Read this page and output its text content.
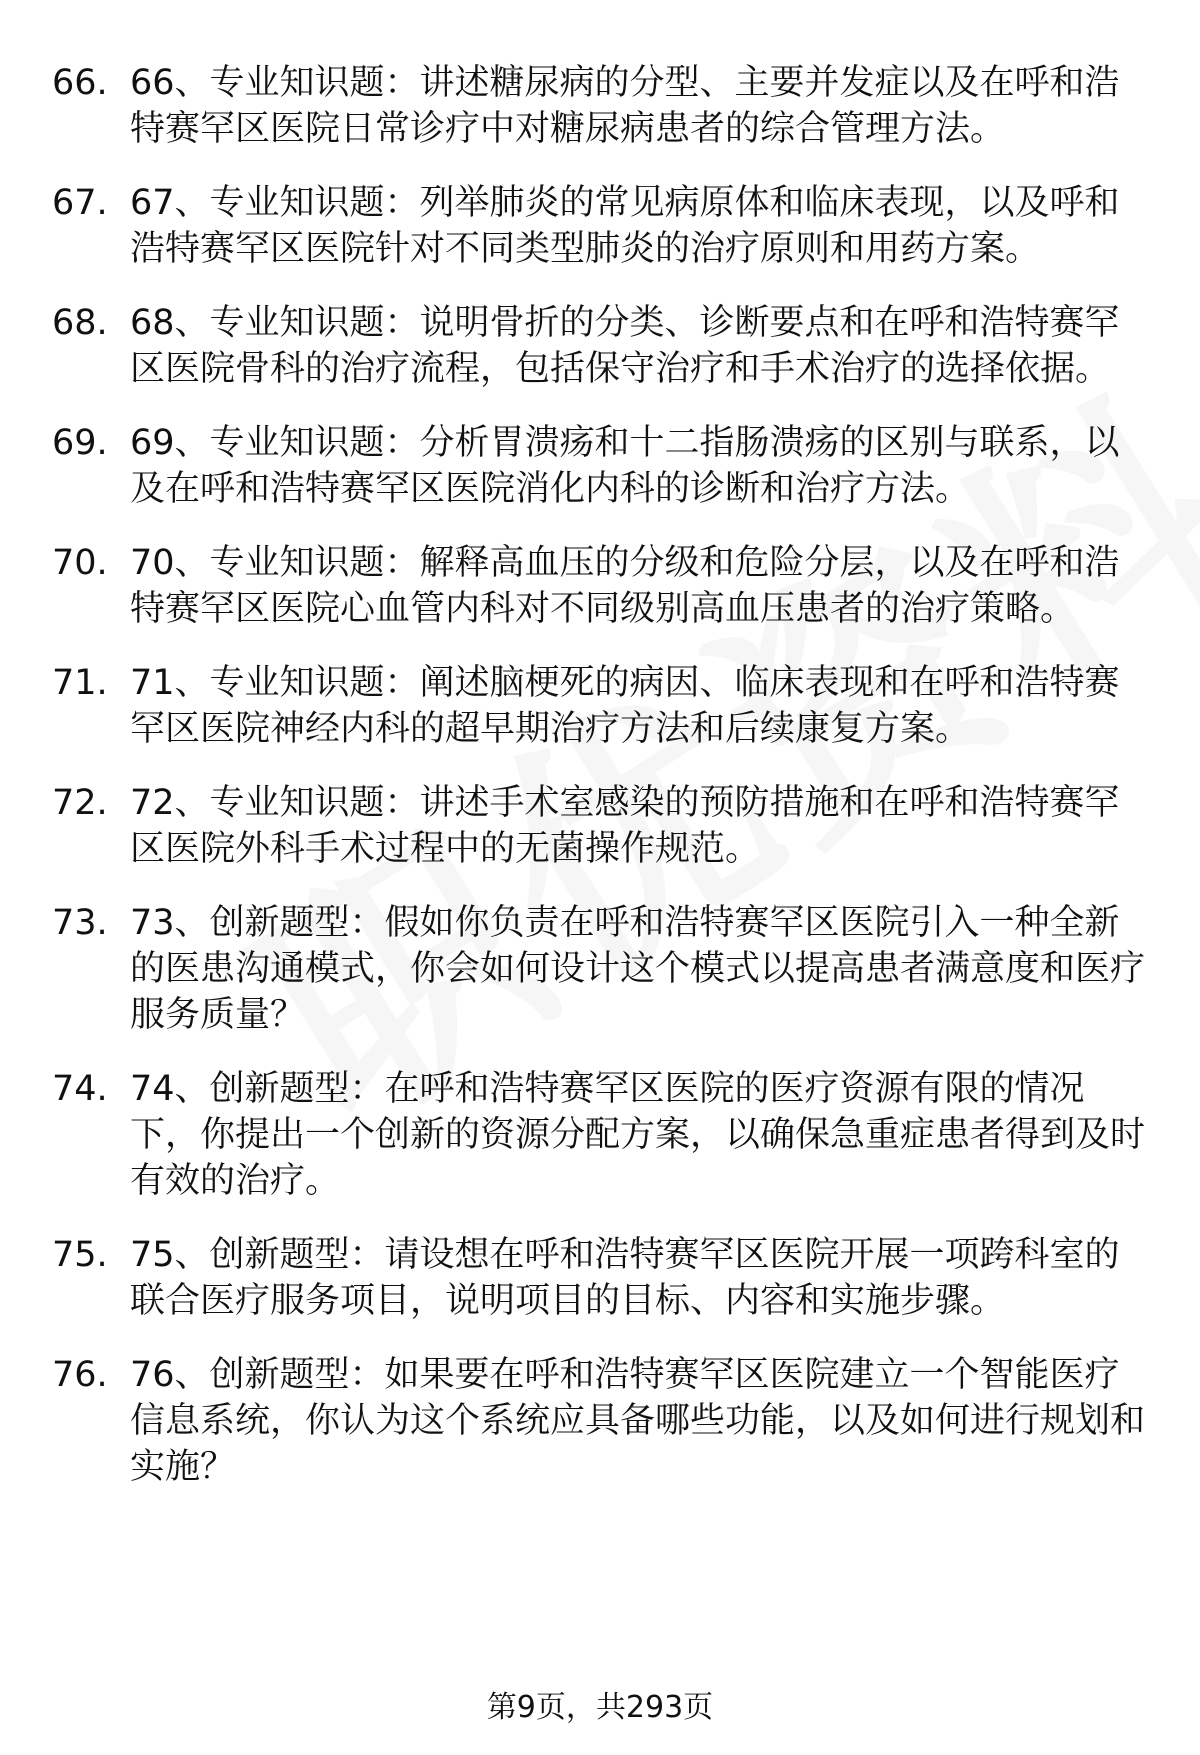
66. 66、专业知识题：讲述糖尿病的分型、主要并发症以及在呼和浩特赛罕区医院日常诊疗中对糖尿病患者的综合管理方法。
67. 67、专业知识题：列举肺炎的常见病原体和临床表现，以及呼和浩特赛罕区医院针对不同类型肺炎的治疗原则和用药方案。
68. 68、专业知识题：说明骨折的分类、诊断要点和在呼和浩特赛罕区医院骨科的治疗流程，包括保守治疗和手术治疗的选择依据。
69. 69、专业知识题：分析胃溃疡和十二指肠溃疡的区别与联系，以及在呼和浩特赛罕区医院消化内科的诊断和治疗方法。
70. 70、专业知识题：解释高血压的分级和危险分层，以及在呼和浩特赛罕区医院心血管内科对不同级别高血压患者的治疗策略。
71. 71、专业知识题：阐述脑梗死的病因、临床表现和在呼和浩特赛罕区医院神经内科的超早期治疗方法和后续康复方案。
72. 72、专业知识题：讲述手术室感染的预防措施和在呼和浩特赛罕区医院外科手术过程中的无菌操作规范。
73. 73、创新题型：假如你负责在呼和浩特赛罕区医院引入一种全新的医患沟通模式，你会如何设计这个模式以提高患者满意度和医疗服务质量？
74. 74、创新题型：在呼和浩特赛罕区医院的医疗资源有限的情况下，你提出一个创新的资源分配方案，以确保急重症患者得到及时有效的治疗。
75. 75、创新题型：请设想在呼和浩特赛罕区医院开展一项跨科室的联合医疗服务项目，说明项目的目标、内容和实施步骤。
76. 76、创新题型：如果要在呼和浩特赛罕区医院建立一个智能医疗信息系统，你认为这个系统应具备哪些功能，以及如何进行规划和实施？
第9页，共293页
